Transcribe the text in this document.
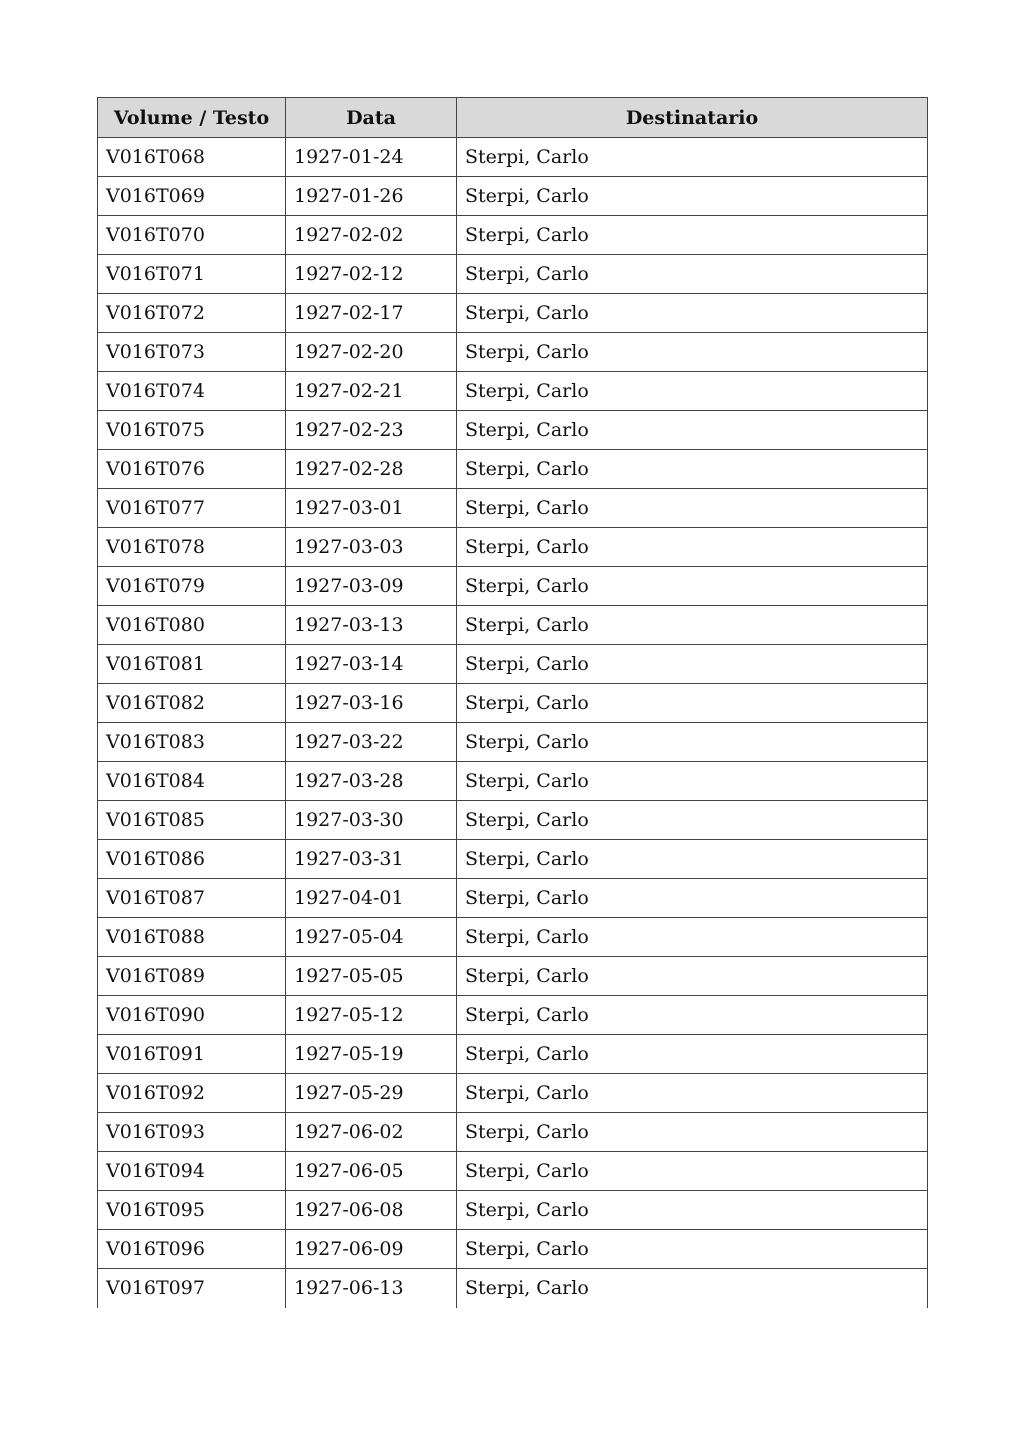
Volume / Testo	Data	Destinatario
V016T068	1927-01-24	Sterpi, Carlo
V016T069	1927-01-26	Sterpi, Carlo
V016T070	1927-02-02	Sterpi, Carlo
V016T071	1927-02-12	Sterpi, Carlo
V016T072	1927-02-17	Sterpi, Carlo
V016T073	1927-02-20	Sterpi, Carlo
V016T074	1927-02-21	Sterpi, Carlo
V016T075	1927-02-23	Sterpi, Carlo
V016T076	1927-02-28	Sterpi, Carlo
V016T077	1927-03-01	Sterpi, Carlo
V016T078	1927-03-03	Sterpi, Carlo
V016T079	1927-03-09	Sterpi, Carlo
V016T080	1927-03-13	Sterpi, Carlo
V016T081	1927-03-14	Sterpi, Carlo
V016T082	1927-03-16	Sterpi, Carlo
V016T083	1927-03-22	Sterpi, Carlo
V016T084	1927-03-28	Sterpi, Carlo
V016T085	1927-03-30	Sterpi, Carlo
V016T086	1927-03-31	Sterpi, Carlo
V016T087	1927-04-01	Sterpi, Carlo
V016T088	1927-05-04	Sterpi, Carlo
V016T089	1927-05-05	Sterpi, Carlo
V016T090	1927-05-12	Sterpi, Carlo
V016T091	1927-05-19	Sterpi, Carlo
V016T092	1927-05-29	Sterpi, Carlo
V016T093	1927-06-02	Sterpi, Carlo
V016T094	1927-06-05	Sterpi, Carlo
V016T095	1927-06-08	Sterpi, Carlo
V016T096	1927-06-09	Sterpi, Carlo
V016T097	1927-06-13	Sterpi, Carlo
